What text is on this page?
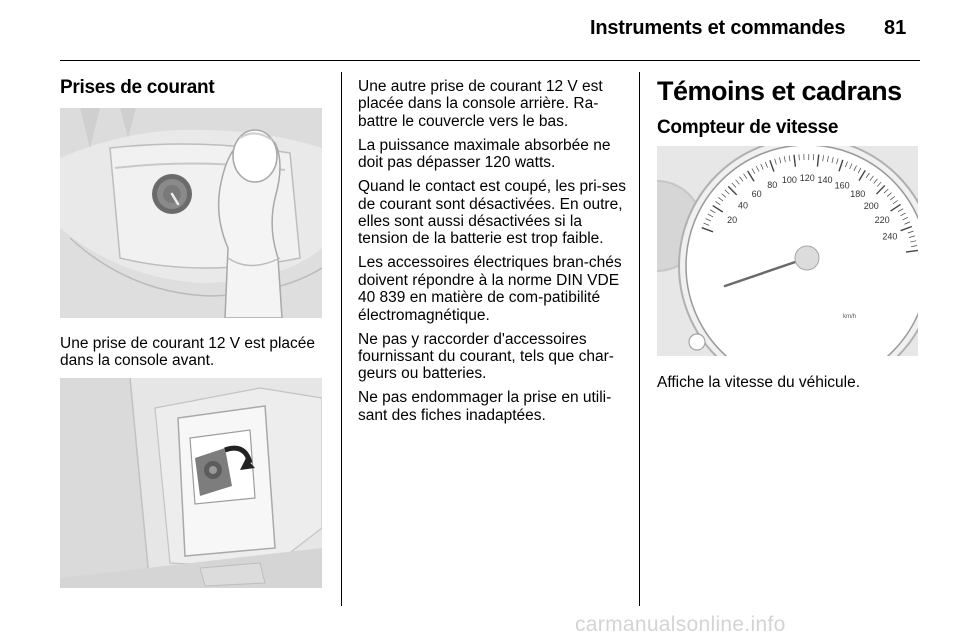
Instruments et commandes 81
Prises de courant

Une prise de courant 12 V est placée dans la console avant.

Une autre prise de courant 12 V est placée dans la console arrière. Ra-battre le couvercle vers le bas.

La puissance maximale absorbée ne doit pas dépasser 120 watts.

Quand le contact est coupé, les pri-ses de courant sont désactivées. En outre, elles sont aussi désactivées si la tension de la batterie est trop faible.

Les accessoires électriques bran-chés doivent répondre à la norme DIN VDE 40 839 en matière de com-patibilité électromagnétique.

Ne pas y raccorder d'accessoires fournissant du courant, tels que char-geurs ou batteries.

Ne pas endommager la prise en utili-sant des fiches inadaptées.

Témoins et cadrans
Compteur de vitesse
20
40
60
80
100 120 140
160
180
200
220
240
km/h

Affiche la vitesse du véhicule.

carmanualsonline.info
